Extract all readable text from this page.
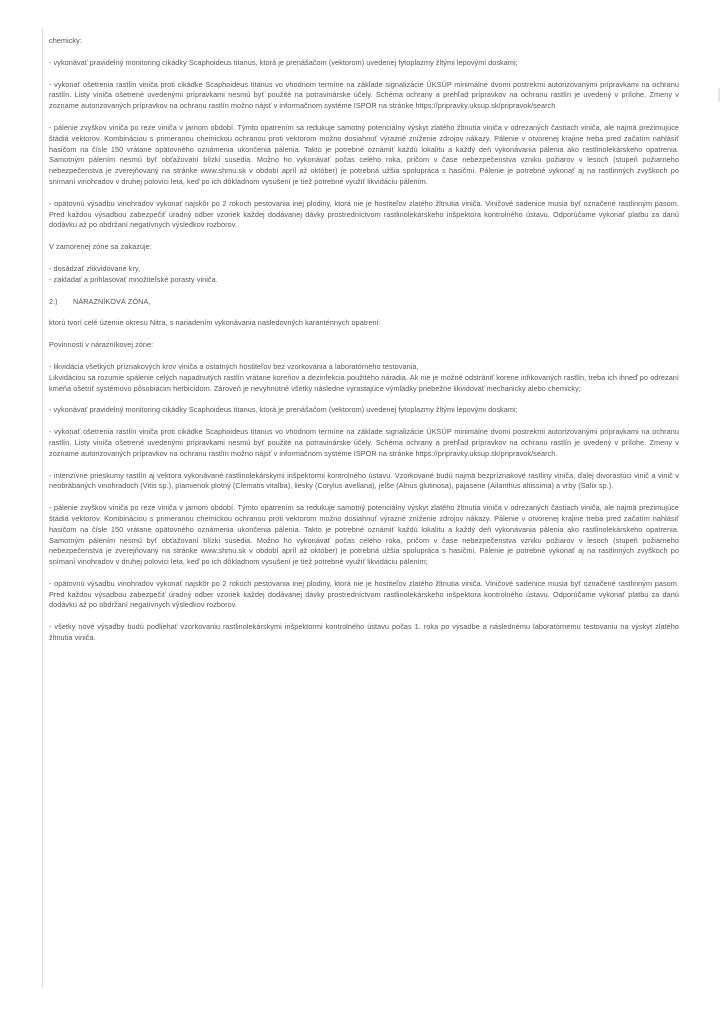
chemicky:

- vykonávať pravidelný monitoring cikádky Scaphoideus titanus, ktorá je prenášačom (vektorom) uvedenej fytoplazmy žltými lepovými doskami;

- vykonať ošetrenia rastlín viniča proti cikádke Scaphoideus titanus vo vhodnom termíne na základe signalizácie ÚKSÚP minimálne dvomi postrekmi autorizovanými prípravkami na ochranu rastlín. Listy viniča ošetrené uvedenými prípravkami nesmú byť použité na potravinárske účely. Schéma ochrany a prehľad prípravkov na ochranu rastlín je uvedený v prílohe. Zmeny v zozname autorizovaných prípravkov na ochranu rastlín možno nájsť v informačnom systéme ISPOR na stránke https://pripravky.uksup.sk/pripravok/search

- pálenie zvyškov viniča po reze viniča v jarnom období. Týmto opatrením sa redukuje samotný potenciálny výskyt zlatého žltnutia viniča v odrezaných častiach viniča, ale najmä prezimujúce štádiá vektorov. Kombináciou s primeranou chemickou ochranou proti vektorom možno dosiahnuť výrazné zníženie zdrojov nákazy. Pálenie v otvorenej krajine treba pred začatím nahlásiť hasičom na čísle 150 vrátane opätovného oznámenia ukončenia pálenia. Takto je potrebné oznámiť každú lokalitu a každý deň vykonávania pálenia ako rastlinolekárskeho opatrenia. Samotným pálením nesmú byť obťažovaní blízki susedia. Možno ho vykonávať počas celého roka, pričom v čase nebezpečenstva vzniku požiarov v lesoch (stupeň požiarneho nebezpečenstva je zverejňovaný na stránke www.shmu.sk v období apríl až október) je potrebná užšia spolupráca s hasičmi. Pálenie je potrebné vykonať aj na rastlinných zvyškoch po snímaní vinohradov v druhej polovici leta, keď po ich dôkladnom vysušení je tiež potrebné využiť likvidáciu pálením.

- opätovnú výsadbu vinohradov vykonať najskôr po 2 rokoch pestovania inej plodiny, ktorá nie je hostiteľov zlatého žltnutia viniča. Viničové sadenice musia byť označené rastlinným pasom. Pred každou výsadbou zabezpečiť úradný odber vzoriek každej dodávanej dávky prostredníctvom rastlinolekárskeho inšpektora kontrolného ústavu. Odporúčame vykonať platbu za danú dodávku až po obdržaní negatívnych výsledkov rozborov.

V zamorenej zóne sa zakazuje:

- dosádzať zlikvidované kry,

- zakladať a prihlasovať množiteľské porasty viniča.

2.) NÁRAZNÍKOVÁ ZÓNA,

ktorú tvorí celé územie okresu Nitra, s nariadením vykonávania nasledovných karanténnych opatrení:

Povinnosti v nárazníkovej zóne:

- likvidácia všetkých príznakových krov viniča a ostatných hostiteľov bez vzorkovania a laboratórneho testovania,

Likvidáciou sa rozumie spálenie celých napadnutých rastlín vrátane koreňov a dezinfekcia použitého náradia. Ak nie je možné odstrániť korene infikovaných rastlín, treba ich ihneď po odrezaní kmeňa ošetriť systémovo pôsobiacim herbicídom. Zároveň je nevyhnutné všetky následne vyrastajúce výmladky priebežne likvidovať mechanicky alebo chemicky;

- vykonávať pravidelný monitoring cikádky Scaphoideus titanus, ktorá je prenášačom (vektorom) uvedenej fytoplazmy žltými lepovými doskami;

- vykonať ošetrenia rastlín viniča proti cikádke Scaphoideus titanus vo vhodnom termíne na základe signalizácie ÚKSÚP minimálne dvomi postrekmi autorizovanými prípravkami na ochranu rastlín. Listy viniča ošetrené uvedenými prípravkami nesmú byť použité na potravinárske účely. Schéma ochrany a prehľad prípravkov na ochranu rastlín je uvedený v prílohe. Zmeny v zozname autorizovaných prípravkov na ochranu rastlín možno nájsť v informačnom systéme ISPOR na stránke https://pripravky.uksup.sk/pripravok/search.

- intenzívne prieskumy rastlín aj vektora vykonávané rastlinolekárskymi inšpektormi kontrolného ústavu. Vzorkované budú najmä bezpríznakové rastliny viniča, ďalej divorastúci vinič a vinič v neobrábaných vinohradoch (Vitis sp.), plamienok plotný (Clematis vitalba), liesky (Corylus avellana), jelše (Alnus glutinosa), pajasene (Ailanthus altissima) a vrby (Salix sp.).

- pálenie zvyškov viniča po reze viniča v jarnom období. Týmto opatrením sa redukuje samotný potenciálny výskyt zlatého žltnutia viniča v odrezaných častiach viniča, ale najmä prezimujúce štádiá vektorov. Kombináciou s primeranou chemickou ochranou proti vektorom možno dosiahnuť výrazné zníženie zdrojov nákazy. Pálenie v otvorenej krajine treba pred začatím nahlásiť hasičom na čísle 150 vrátane opätovného oznámenia ukončenia pálenia. Takto je potrebné oznámiť každú lokalitu a každý deň vykonávania pálenia ako rastlinolekárskeho opatrenia. Samotným pálením nesmú byť obťažovaní blízki susedia. Možno ho vykonávať počas celého roka, pričom v čase nebezpečenstva vzniku požiarov v lesoch (stupeň požiarneho nebezpečenstva je zverejňovaný na stránke www.shmu.sk v období apríl až október) je potrebná užšia spolupráca s hasičmi. Pálenie je potrebné vykonať aj na rastlinných zvyškoch po snímaní vinohradov v druhej polovici leta, keď po ich dôkladnom vysušení je tiež potrebné využiť likvidáciu pálením;

- opätovnú výsadbu vinohradov vykonať najskôr po 2 rokoch pestovania inej plodiny, ktorá nie je hostiteľov zlatého žltnutia viniča. Viničové sadenice musia byť označené rastlinným pasom. Pred každou výsadbou zabezpečiť úradný odber vzoriek každej dodávanej dávky prostredníctvom rastlinolekárskeho inšpektora kontrolného ústavu. Odporúčame vykonať platbu za danú dodávku až po obdržaní negatívnych výsledkov rozborov.

- všetky nové výsadby budú podliehať vzorkovaniu rastlinolekárskymi inšpektormi kontrolného ústavu počas 1. roka po výsadbe a následnému laboratórnemu testovaniu na výskyt zlatého žltnutia viniča.
